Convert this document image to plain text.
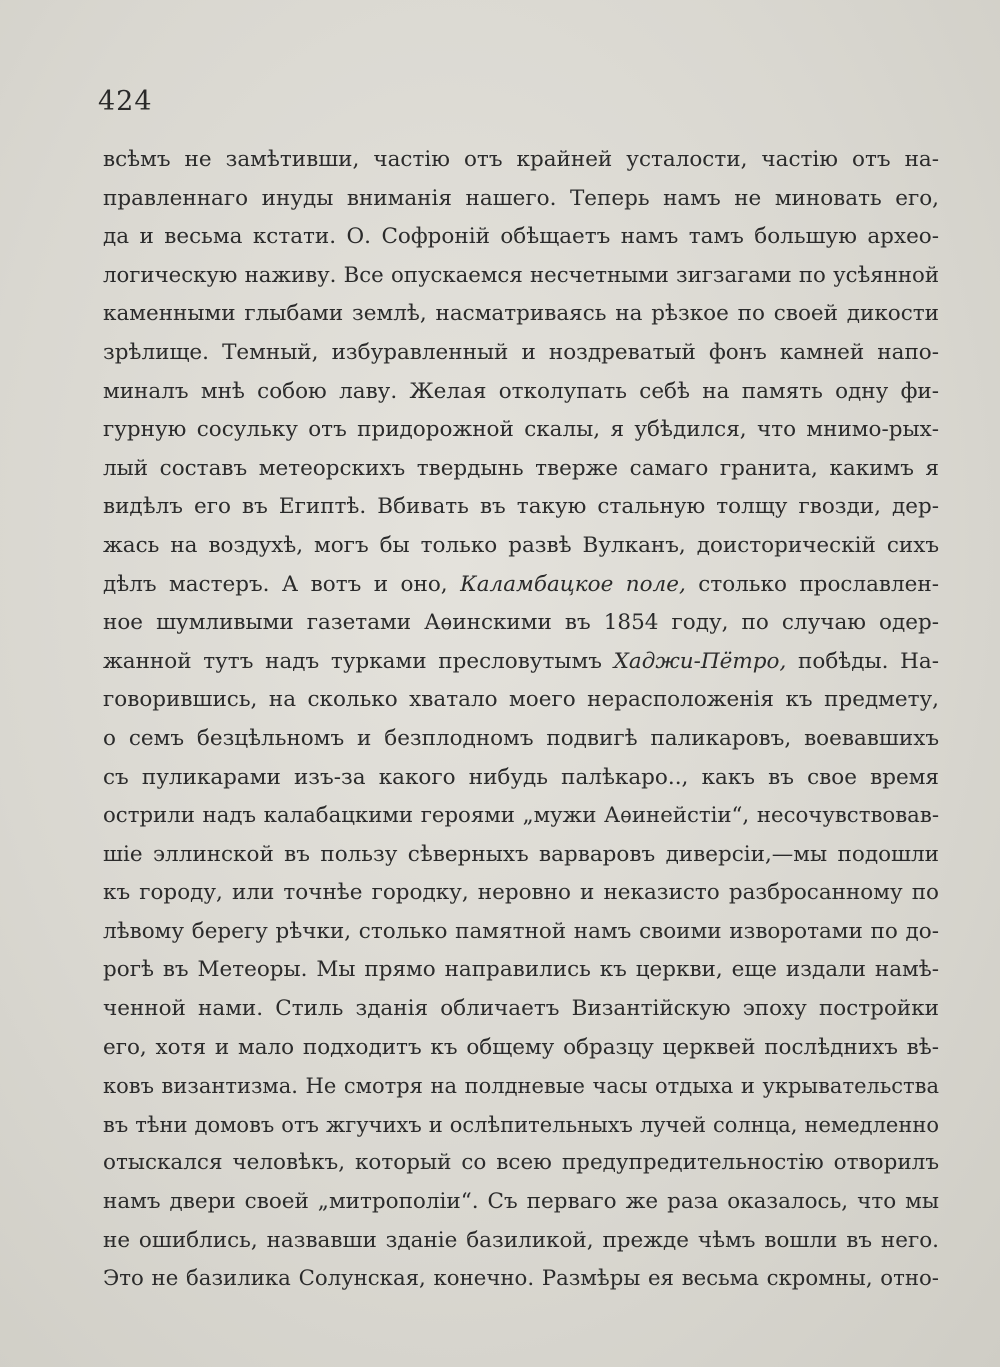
424
всѣмъ не замѣтивши, частію отъ крайней усталости, частію отъ на-
правленнаго инуды вниманія нашего. Теперь намъ не миновать его,
да и весьма кстати. О. Софроній обѣщаетъ намъ тамъ большую архео-
логическую наживу. Все опускаемся несчетными зигзагами по усѣянной
каменными глыбами землѣ, насматриваясь на рѣзкое по своей дикости
зрѣлище. Темный, избуравленный и ноздреватый фонъ камней напо-
миналъ мнѣ собою лаву. Желая отколупать себѣ на память одну фи-
гурную сосульку отъ придорожной скалы, я убѣдился, что мнимо-рых-
лый составъ метеорскихъ твердынь тверже самаго гранита, какимъ я
видѣлъ его въ Египтѣ. Вбивать въ такую стальную толщу гвозди, дер-
жась на воздухѣ, могъ бы только развѣ Вулканъ, доисторическій сихъ
дѣлъ мастеръ. А вотъ и оно, Каламбацкое поле, столько прославлен-
ное шумливыми газетами Аѳинскими въ 1854 году, по случаю одер-
жанной тутъ надъ турками пресловутымъ Хаджи-Пётро, побѣды. На-
говорившись, на сколько хватало моего нерасположенія къ предмету,
о семъ безцѣльномъ и безплодномъ подвигѣ паликаровъ, воевавшихъ
съ пуликарами изъ-за какого нибудь палѣкаро.., какъ въ свое время
острили надъ калабацкими героями „мужи Аѳинейстіи“, несочувствовав-
шіе эллинской въ пользу сѣверныхъ варваровъ диверсіи,—мы подошли
къ городу, или точнѣе городку, неровно и неказисто разбросанному по
лѣвому берегу рѣчки, столько памятной намъ своими изворотами по до-
рогѣ въ Метеоры. Мы прямо направились къ церкви, еще издали намѣ-
ченной нами. Стиль зданія обличаетъ Византійскую эпоху постройки
его, хотя и мало подходитъ къ общему образцу церквей послѣднихъ вѣ-
ковъ византизма. Не смотря на полдневые часы отдыха и укрывательства
въ тѣни домовъ отъ жгучихъ и ослѣпительныхъ лучей солнца, немедленно
отыскался человѣкъ, который со всею предупредительностію отворилъ
намъ двери своей „митрополіи“. Съ перваго же раза оказалось, что мы
не ошиблись, назвавши зданіе базиликой, прежде чѣмъ вошли въ него.
Это не базилика Солунская, конечно. Размѣры ея весьма скромны, отно-
